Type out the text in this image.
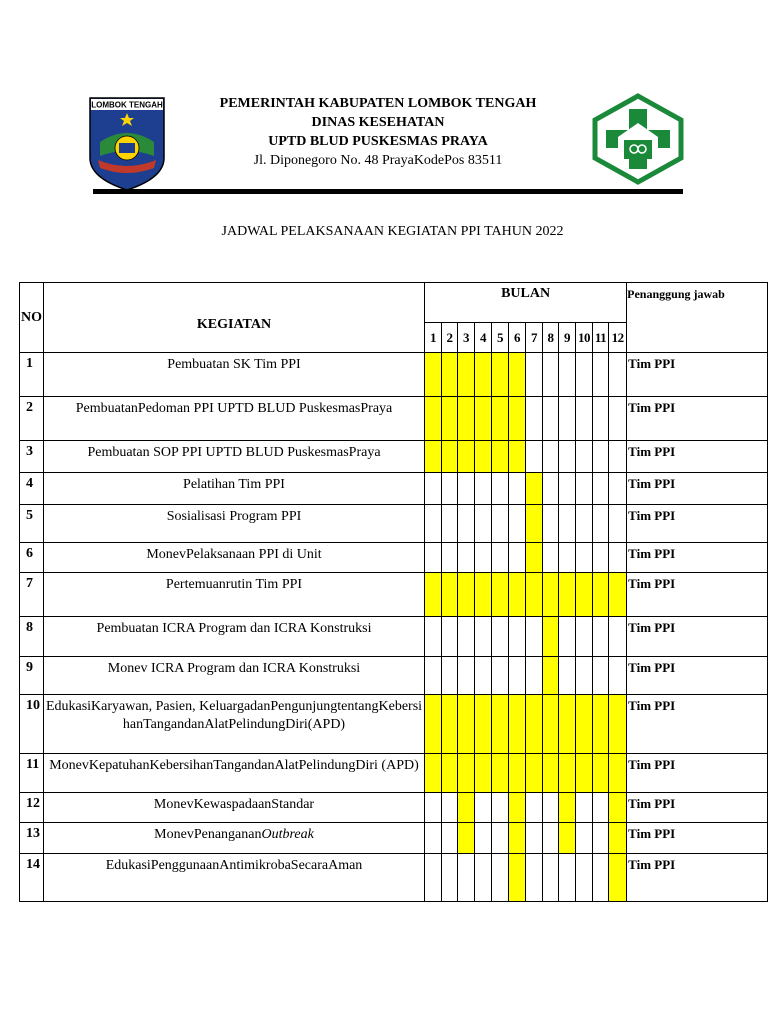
LOMBOK TENGAH	PEMERINTAH KABUPATEN LOMBOK TENGAH
DINAS KESEHATAN
UPTD BLUD PUSKESMAS PRAYA
Jl. Diponegoro No. 48 PrayaKodePos 83511
JADWAL PELAKSANAAN KEGIATAN PPI TAHUN 2022
NO	KEGIATAN	BULAN												Penanggung jawab
		1	2	3	4	5	6	7	8	9	10	11	12	
1	Pembuatan SK Tim PPI													Tim PPI
2	PembuatanPedoman PPI UPTD BLUD PuskesmasPraya													Tim PPI
3	Pembuatan SOP PPI UPTD BLUD PuskesmasPraya													Tim PPI
4	Pelatihan Tim PPI													Tim PPI
5	Sosialisasi Program PPI													Tim PPI
6	MonevPelaksanaan PPI di Unit													Tim PPI
7	Pertemuanrutin Tim PPI													Tim PPI
8	Pembuatan ICRA Program dan ICRA Konstruksi													Tim PPI
9	Monev ICRA Program dan ICRA Konstruksi													Tim PPI
10	EdukasiKaryawan, Pasien, KeluargadanPengunjungtentangKebersihanTangandanAlatPelindungDiri(APD)													Tim PPI
11	MonevKepatuhanKebersihanTangandanAlatPelindungDiri (APD)													Tim PPI
12	MonevKewaspadaanStandar													Tim PPI
13	MonevPenangananOutbreak													Tim PPI
14	EdukasiPenggunaanAntimikrobaSecaraAman													Tim PPI
